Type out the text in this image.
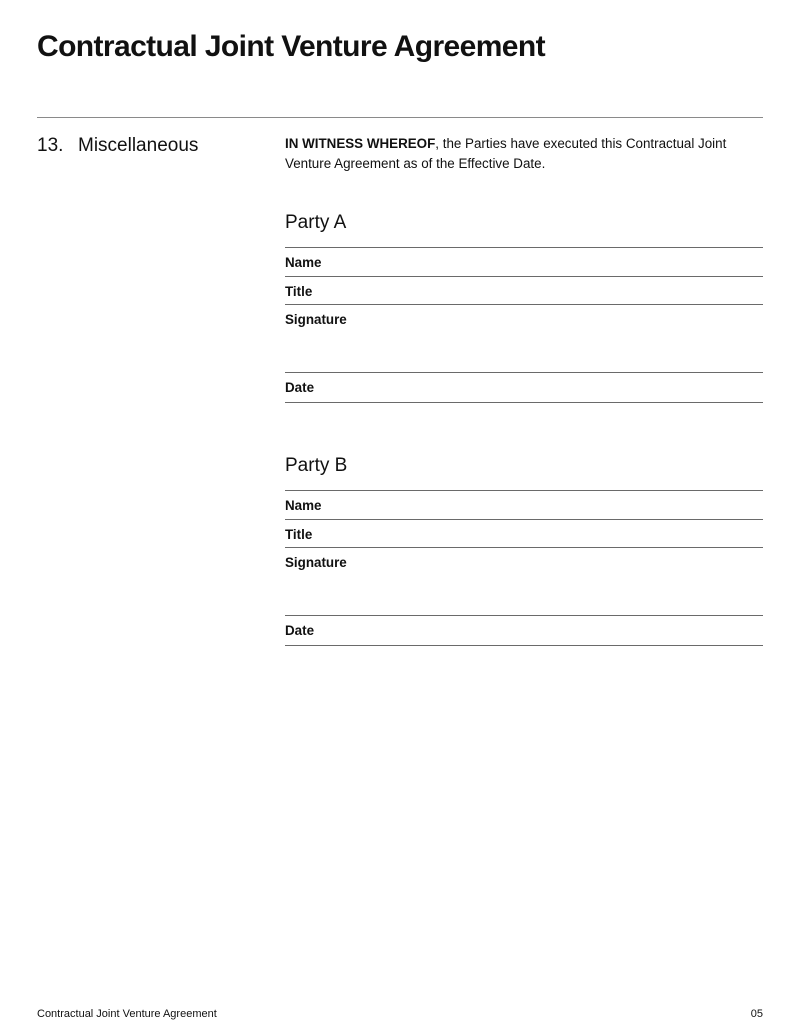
Contractual Joint Venture Agreement
13. Miscellaneous	IN WITNESS WHEREOF, the Parties have executed this Contractual Joint Venture Agreement as of the Effective Date.

Party A
Name
Title
Signature
Date
Party B
Name
Title
Signature
Date
Contractual Joint Venture Agreement	05
